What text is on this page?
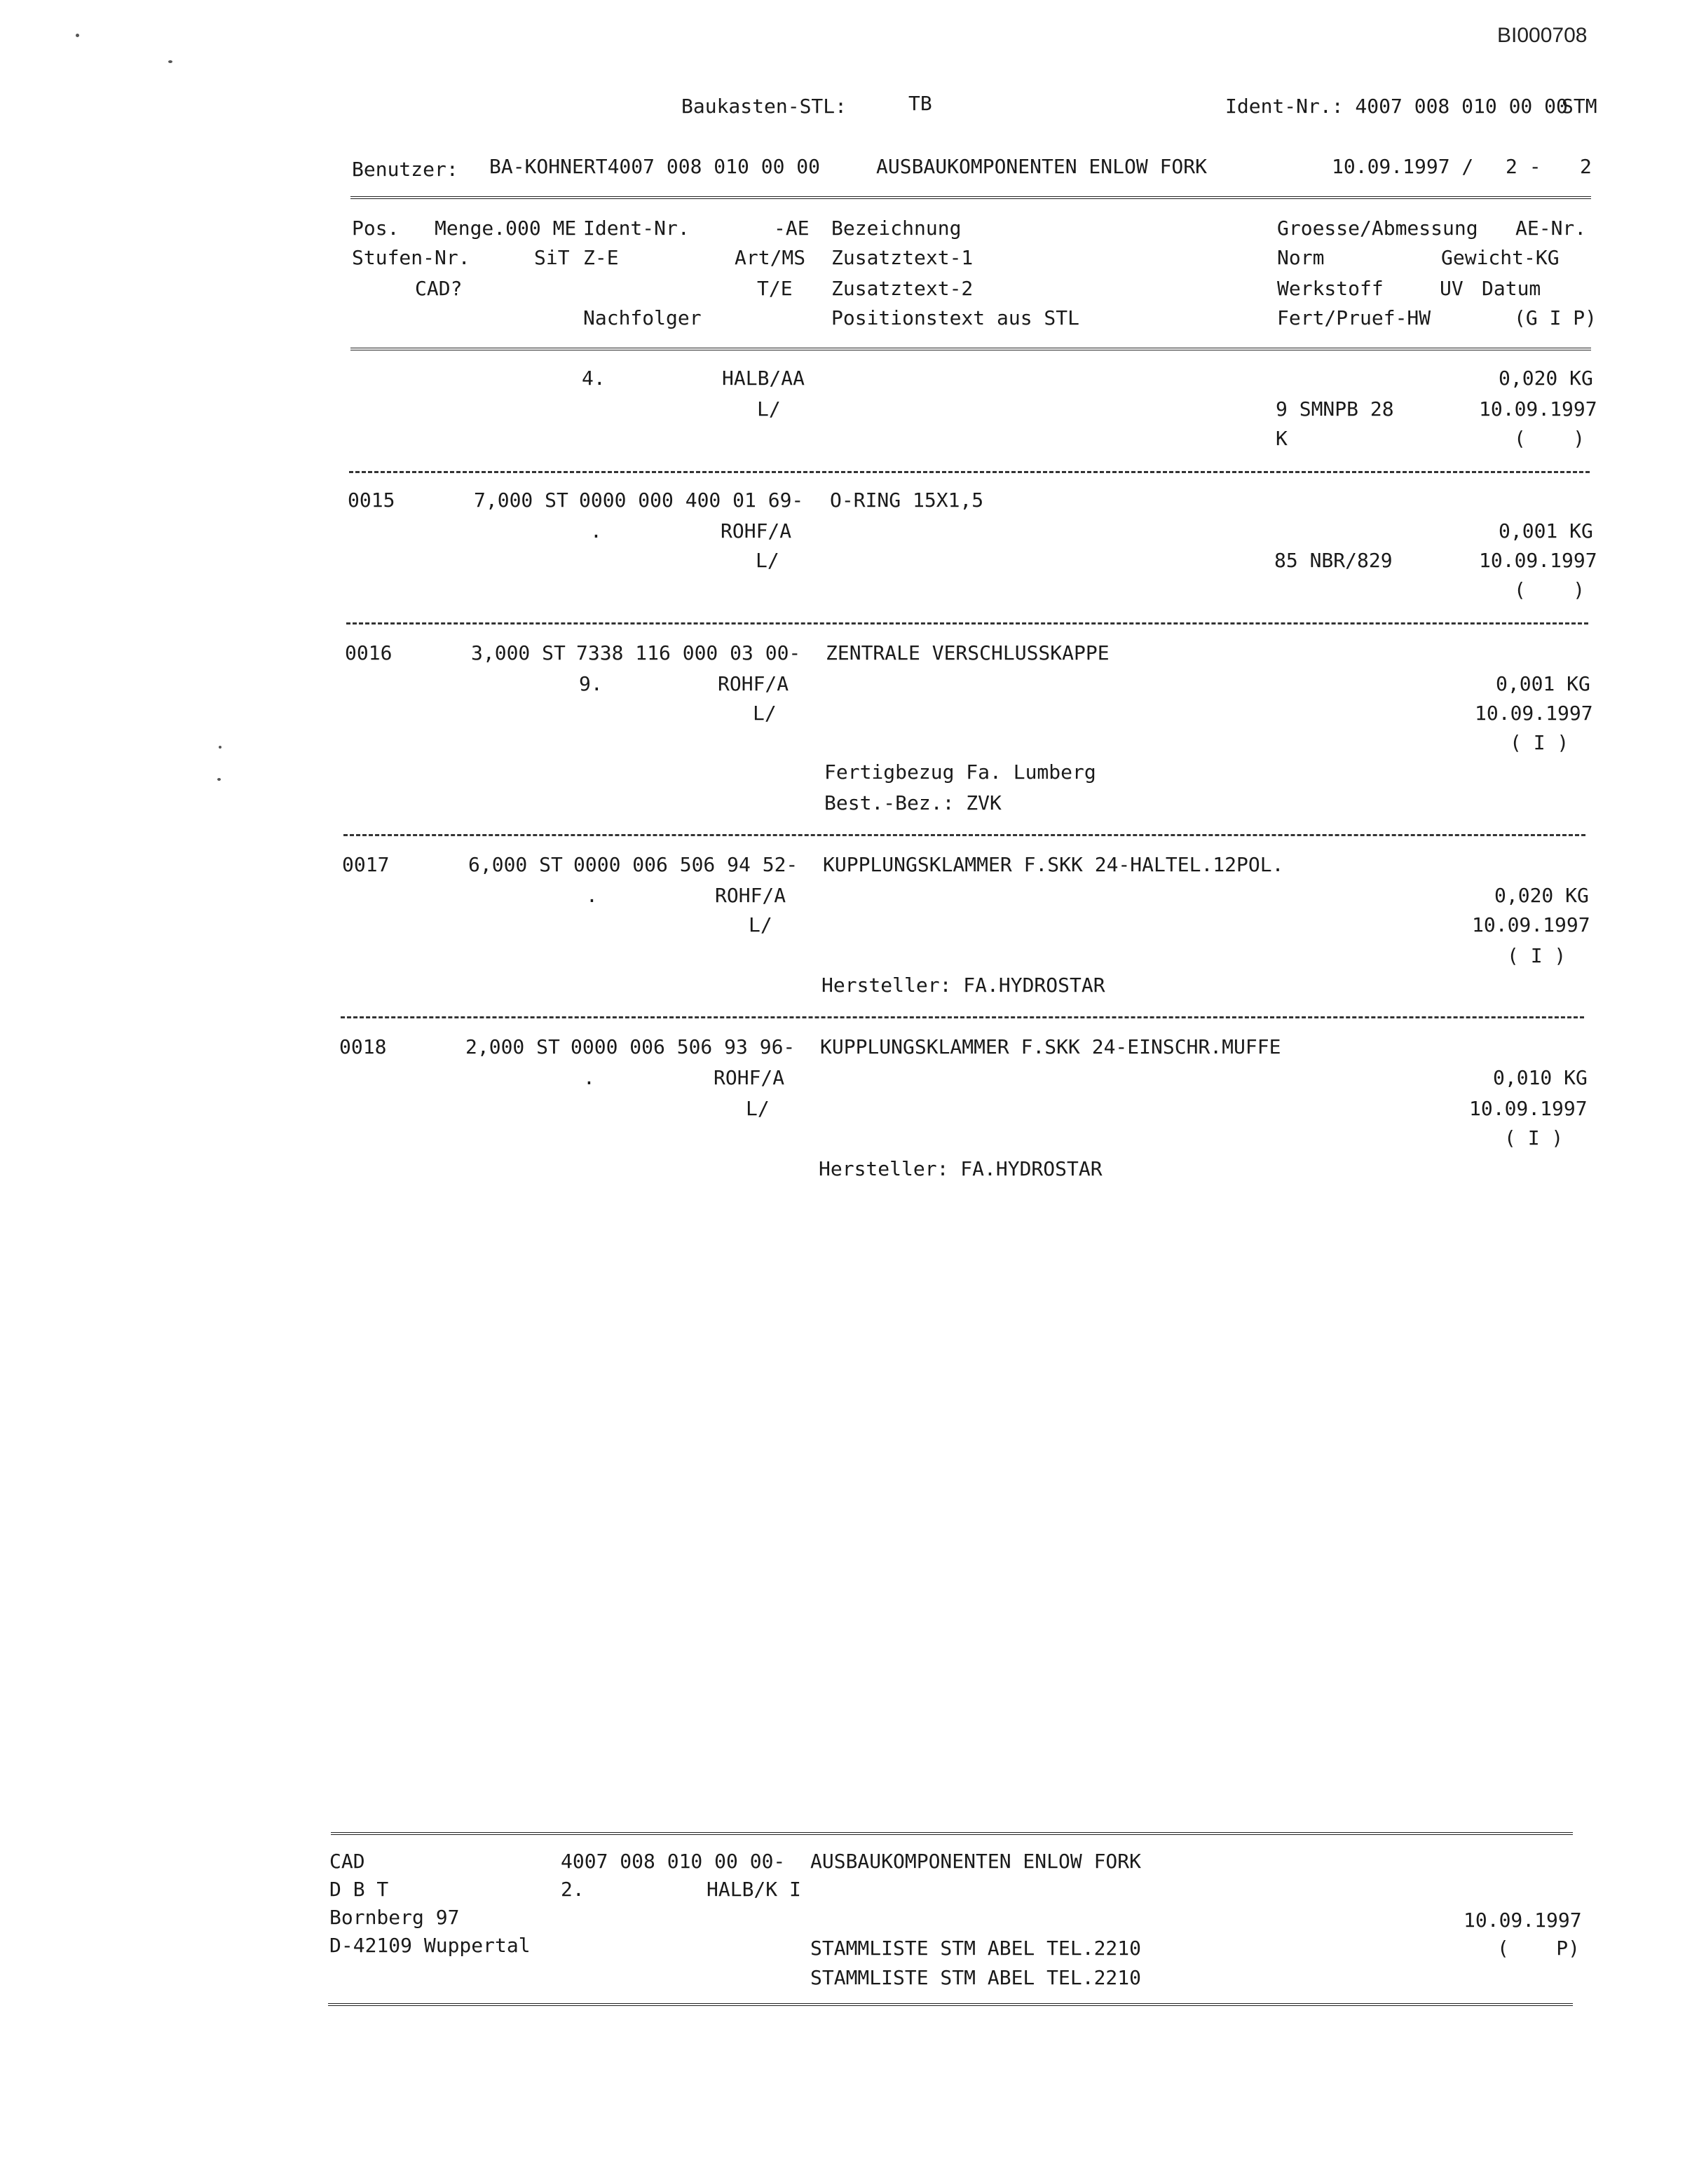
BI000708
Baukasten-STL:	TB	Ident-Nr.: 4007 008 010 00 00
STM
Benutzer: BA-KOHNERT4007 008 010 00 00	AUSBAUKOMPONENTEN ENLOW FORK	10.09.1997 / 2 - 2
Pos. Menge.000 ME Ident-Nr.	-AE Bezeichnung	Groesse/Abmessung AE-Nr.
Stufen-Nr.	SiT Z-E	Art/MS Zusatztext-1	Norm	Gewicht-KG
CAD?	T/E Zusatztext-2	Werkstoff	UV Datum
Nachfolger	Positionstext aus STL	Fert/Pruef-HW	(G I P)
4.	HALB/AA	0,020 KG
L/	9 SMNPB 28	10.09.1997
K	(    )
0015	7,000 ST 0000 000 400 01 69- O-RING 15X1,5
.	ROHF/A	0,001 KG
L/	85 NBR/829	10.09.1997
(    )
0016	3,000 ST 7338 116 000 03 00- ZENTRALE VERSCHLUSSKAPPE
9.	ROHF/A	0,001 KG
L/	10.09.1997
( I )
Fertigbezug Fa. Lumberg
Best.-Bez.: ZVK
0017	6,000 ST 0000 006 506 94 52- KUPPLUNGSKLAMMER F.SKK 24-HALTEL.12POL.
.	ROHF/A	0,020 KG
L/	10.09.1997
( I )
Hersteller: FA.HYDROSTAR
0018	2,000 ST 0000 006 506 93 96- KUPPLUNGSKLAMMER F.SKK 24-EINSCHR.MUFFE
.	ROHF/A	0,010 KG
L/	10.09.1997
( I )
Hersteller: FA.HYDROSTAR
CAD	4007 008 010 00 00- AUSBAUKOMPONENTEN ENLOW FORK
D B T	2.	HALB/K I
Bornberg 97	10.09.1997
D-42109 Wuppertal	STAMMLISTE STM ABEL TEL.2210	(    P)
STAMMLISTE STM ABEL TEL.2210
